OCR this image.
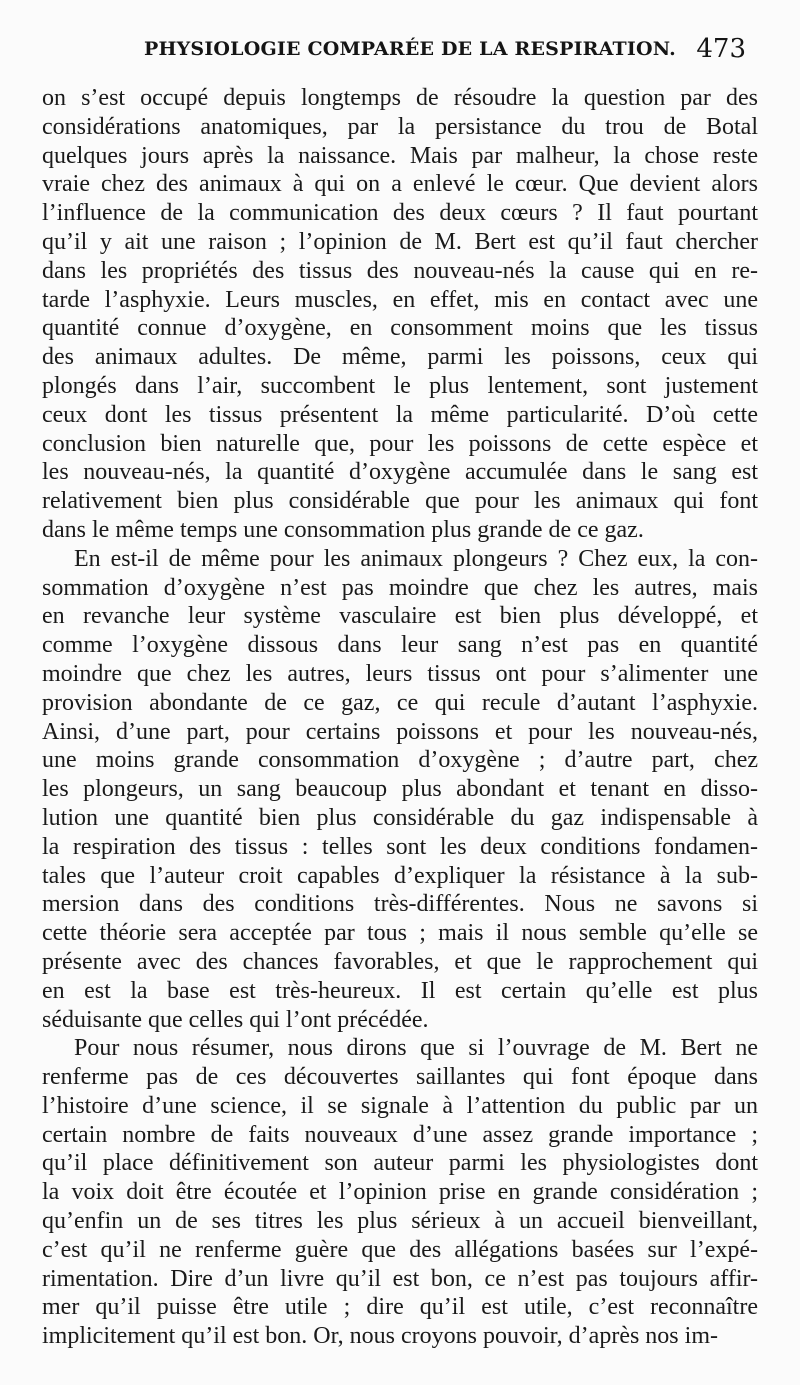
PHYSIOLOGIE COMPARÉE DE LA RESPIRATION. 473
on s’est occupé depuis longtemps de résoudre la question par des
considérations anatomiques, par la persistance du trou de Botal
quelques jours après la naissance. Mais par malheur, la chose reste
vraie chez des animaux à qui on a enlevé le cœur. Que devient alors
l’influence de la communication des deux cœurs ? Il faut pourtant
qu’il y ait une raison ; l’opinion de M. Bert est qu’il faut chercher
dans les propriétés des tissus des nouveau-nés la cause qui en re-
tarde l’asphyxie. Leurs muscles, en effet, mis en contact avec une
quantité connue d’oxygène, en consomment moins que les tissus
des animaux adultes. De même, parmi les poissons, ceux qui
plongés dans l’air, succombent le plus lentement, sont justement
ceux dont les tissus présentent la même particularité. D’où cette
conclusion bien naturelle que, pour les poissons de cette espèce et
les nouveau-nés, la quantité d’oxygène accumulée dans le sang est
relativement bien plus considérable que pour les animaux qui font
dans le même temps une consommation plus grande de ce gaz.
En est-il de même pour les animaux plongeurs ? Chez eux, la con-
sommation d’oxygène n’est pas moindre que chez les autres, mais
en revanche leur système vasculaire est bien plus développé, et
comme l’oxygène dissous dans leur sang n’est pas en quantité
moindre que chez les autres, leurs tissus ont pour s’alimenter une
provision abondante de ce gaz, ce qui recule d’autant l’asphyxie.
Ainsi, d’une part, pour certains poissons et pour les nouveau-nés,
une moins grande consommation d’oxygène ; d’autre part, chez
les plongeurs, un sang beaucoup plus abondant et tenant en disso-
lution une quantité bien plus considérable du gaz indispensable à
la respiration des tissus : telles sont les deux conditions fondamen-
tales que l’auteur croit capables d’expliquer la résistance à la sub-
mersion dans des conditions très-différentes. Nous ne savons si
cette théorie sera acceptée par tous ; mais il nous semble qu’elle se
présente avec des chances favorables, et que le rapprochement qui
en est la base est très-heureux. Il est certain qu’elle est plus
séduisante que celles qui l’ont précédée.
Pour nous résumer, nous dirons que si l’ouvrage de M. Bert ne
renferme pas de ces découvertes saillantes qui font époque dans
l’histoire d’une science, il se signale à l’attention du public par un
certain nombre de faits nouveaux d’une assez grande importance ;
qu’il place définitivement son auteur parmi les physiologistes dont
la voix doit être écoutée et l’opinion prise en grande considération ;
qu’enfin un de ses titres les plus sérieux à un accueil bienveillant,
c’est qu’il ne renferme guère que des allégations basées sur l’expé-
rimentation. Dire d’un livre qu’il est bon, ce n’est pas toujours affir-
mer qu’il puisse être utile ; dire qu’il est utile, c’est reconnaître
implicitement qu’il est bon. Or, nous croyons pouvoir, d’après nos im-
